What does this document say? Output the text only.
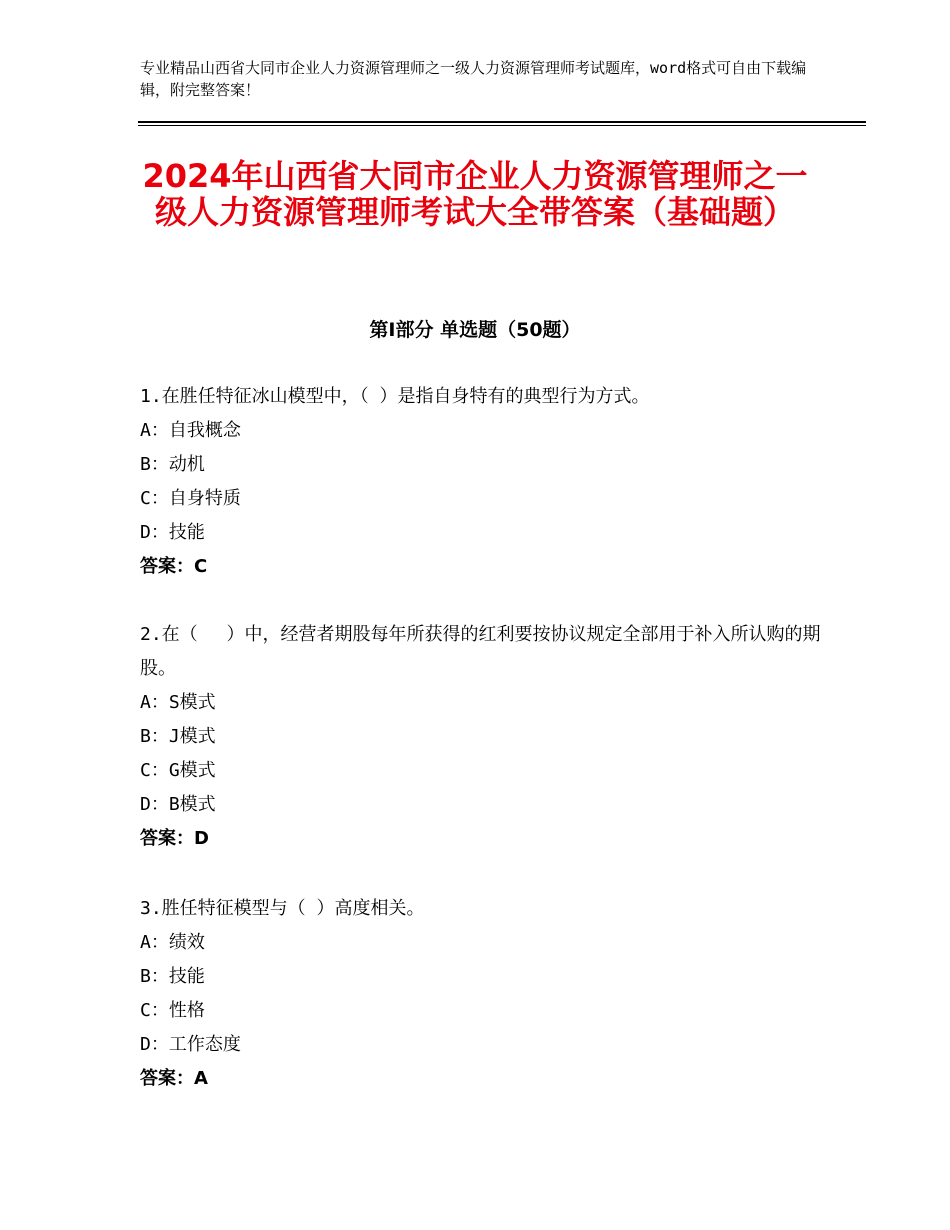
专业精品山西省大同市企业人力资源管理师之一级人力资源管理师考试题库，word格式可自由下载编辑，附完整答案！
2024年山西省大同市企业人力资源管理师之一级人力资源管理师考试大全带答案（基础题）
第Ⅰ部分 单选题（50题）

1.在胜任特征冰山模型中，（ ）是指自身特有的典型行为方式。

A：自我概念

B：动机

C：自身特质

D：技能

答案：C

2.在（　 ）中，经营者期股每年所获得的红利要按协议规定全部用于补入所认购的期股。

A：S模式

B：J模式

C：G模式

D：B模式

答案：D

3.胜任特征模型与（ ）高度相关。

A：绩效

B：技能

C：性格

D：工作态度

答案：A
